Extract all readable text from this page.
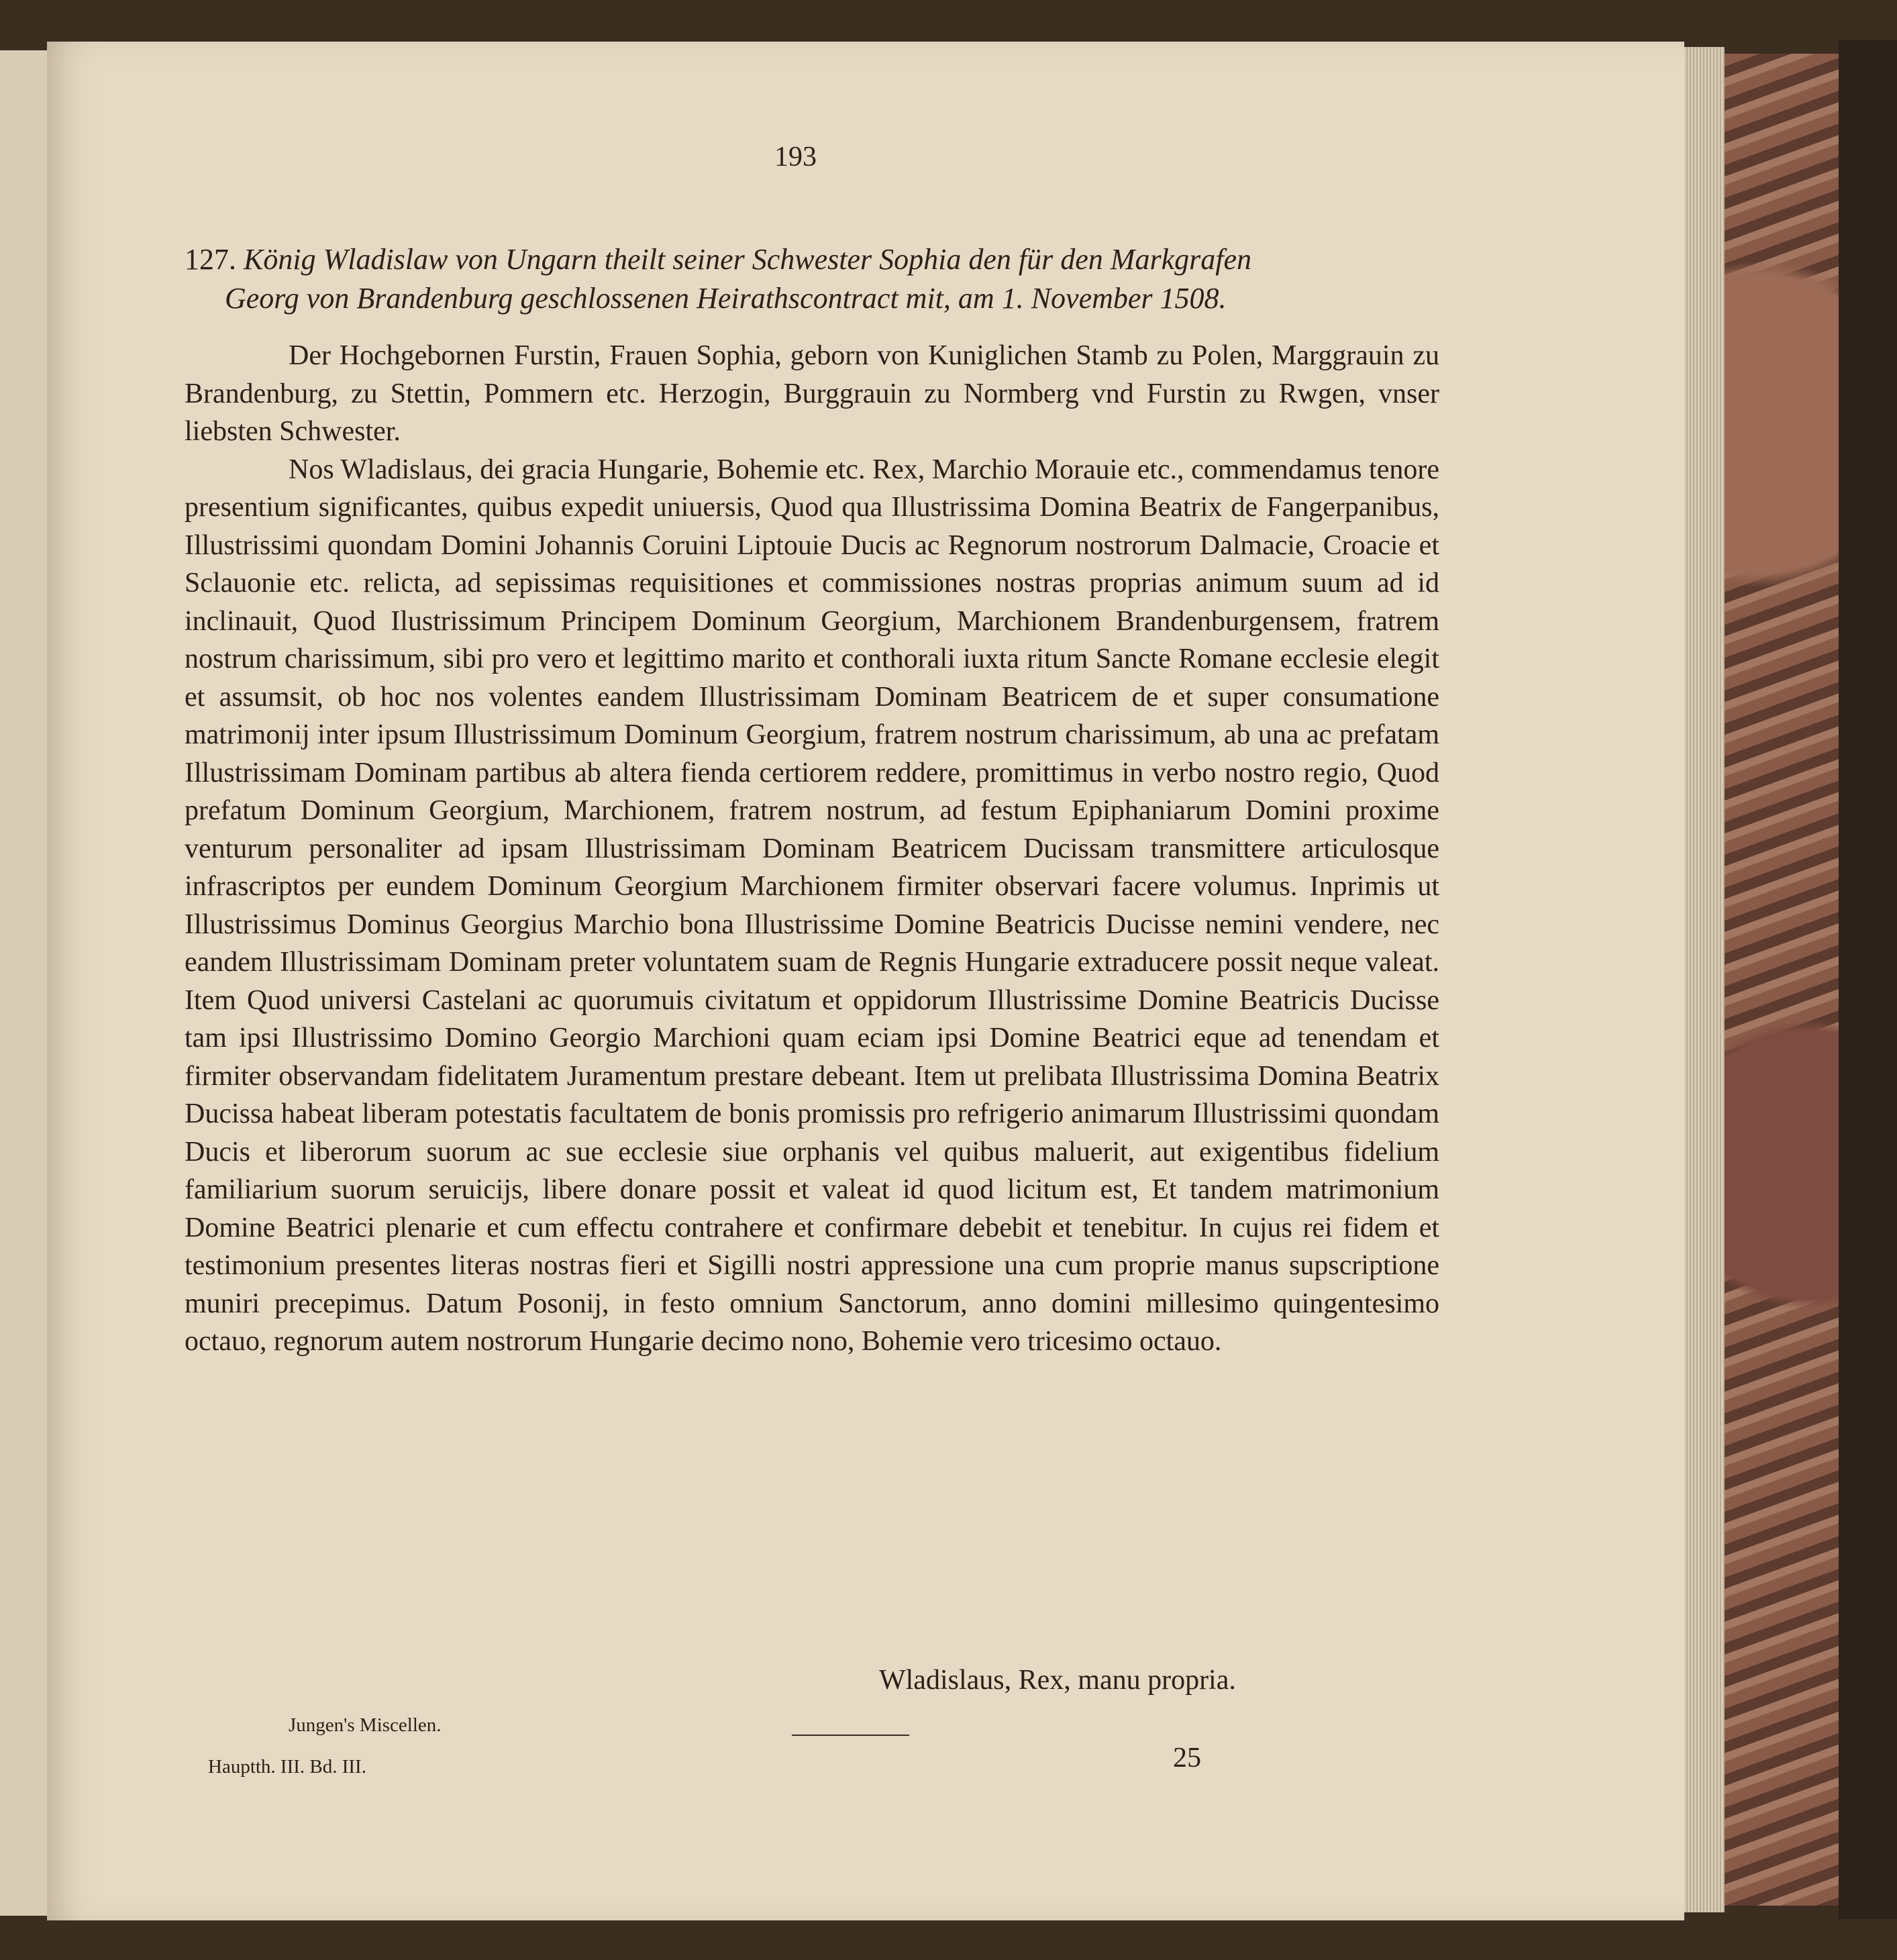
193
127. König Wladislaw von Ungarn theilt seiner Schwester Sophia den für den Markgrafen
Georg von Brandenburg geschlossenen Heirathscontract mit, am 1. November 1508.

Der Hochgebornen Furstin, Frauen Sophia, geborn von Kuniglichen Stamb zu Polen, Marggrauin zu Brandenburg, zu Stettin, Pommern etc. Herzogin, Burggrauin zu Normberg vnd Furstin zu Rwgen, vnser liebsten Schwester.

Nos Wladislaus, dei gracia Hungarie, Bohemie etc. Rex, Marchio Morauie etc., commendamus tenore presentium significantes, quibus expedit uniuersis, Quod qua Illustrissima Domina Beatrix de Fangerpanibus, Illustrissimi quondam Domini Johannis Coruini Liptouie Ducis ac Regnorum nostrorum Dalmacie, Croacie et Sclauonie etc. relicta, ad sepissimas requisitiones et commissiones nostras proprias animum suum ad id inclinauit, Quod Ilustrissimum Principem Dominum Georgium, Marchionem Brandenburgensem, fratrem nostrum charissimum, sibi pro vero et legittimo marito et conthorali iuxta ritum Sancte Romane ecclesie elegit et assumsit, ob hoc nos volentes eandem Illustrissimam Dominam Beatricem de et super consumatione matrimonij inter ipsum Illustrissimum Dominum Georgium, fratrem nostrum charissimum, ab una ac prefatam Illustrissimam Dominam partibus ab altera fienda certiorem reddere, promittimus in verbo nostro regio, Quod prefatum Dominum Georgium, Marchionem, fratrem nostrum, ad festum Epiphaniarum Domini proxime venturum personaliter ad ipsam Illustrissimam Dominam Beatricem Ducissam transmittere articulosque infrascriptos per eundem Dominum Georgium Marchionem firmiter observari facere volumus. Inprimis ut Illustrissimus Dominus Georgius Marchio bona Illustrissime Domine Beatricis Ducisse nemini vendere, nec eandem Illustrissimam Dominam preter voluntatem suam de Regnis Hungarie extraducere possit neque valeat. Item Quod universi Castelani ac quorumuis civitatum et oppidorum Illustrissime Domine Beatricis Ducisse tam ipsi Illustrissimo Domino Georgio Marchioni quam eciam ipsi Domine Beatrici eque ad tenendam et firmiter observandam fidelitatem Juramentum prestare debeant. Item ut prelibata Illustrissima Domina Beatrix Ducissa habeat liberam potestatis facultatem de bonis promissis pro refrigerio animarum Illustrissimi quondam Ducis et liberorum suorum ac sue ecclesie siue orphanis vel quibus maluerit, aut exigentibus fidelium familiarium suorum seruicijs, libere donare possit et valeat id quod licitum est, Et tandem matrimonium Domine Beatrici plenarie et cum effectu contrahere et confirmare debebit et tenebitur. In cujus rei fidem et testimonium presentes literas nostras fieri et Sigilli nostri appressione una cum proprie manus supscriptione muniri precepimus. Datum Posonij, in festo omnium Sanctorum, anno domini millesimo quingentesimo octauo, regnorum autem nostrorum Hungarie decimo nono, Bohemie vero tricesimo octauo.

Wladislaus, Rex, manu propria.
Jungen's Miscellen.
Hauptth. III. Bd. III.	25
